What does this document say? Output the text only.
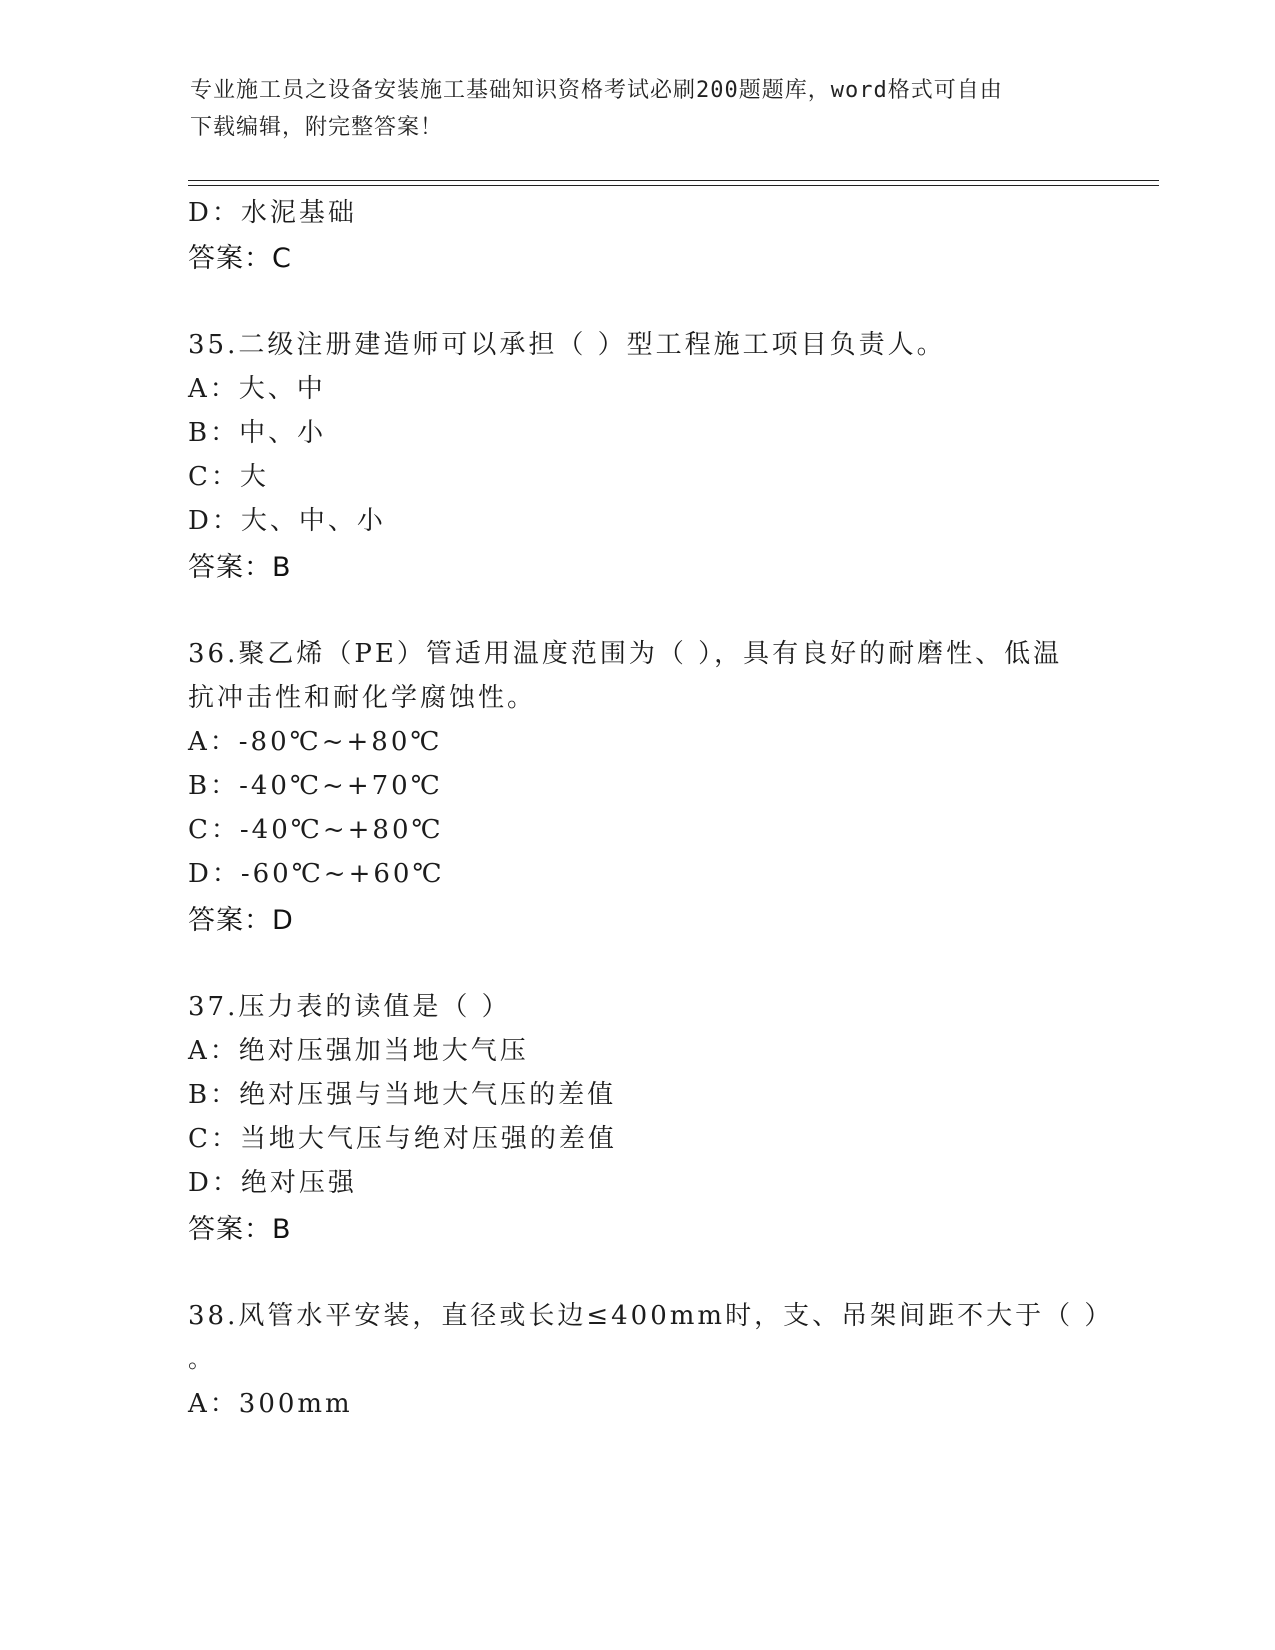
专业施工员之设备安装施工基础知识资格考试必刷200题题库，word格式可自由
下载编辑，附完整答案！
D：水泥基础
答案：C
35.二级注册建造师可以承担（ ）型工程施工项目负责人。
A：大、中
B：中、小
C：大
D：大、中、小
答案：B
36.聚乙烯（PE）管适用温度范围为（ ），具有良好的耐磨性、低温
抗冲击性和耐化学腐蚀性。
A：-80℃~+80℃
B：-40℃~+70℃
C：-40℃~+80℃
D：-60℃~+60℃
答案：D
37.压力表的读值是（ ）
A：绝对压强加当地大气压
B：绝对压强与当地大气压的差值
C：当地大气压与绝对压强的差值
D：绝对压强
答案：B
38.风管水平安装，直径或长边≤400mm时，支、吊架间距不大于（ ）
。
A：300mm
